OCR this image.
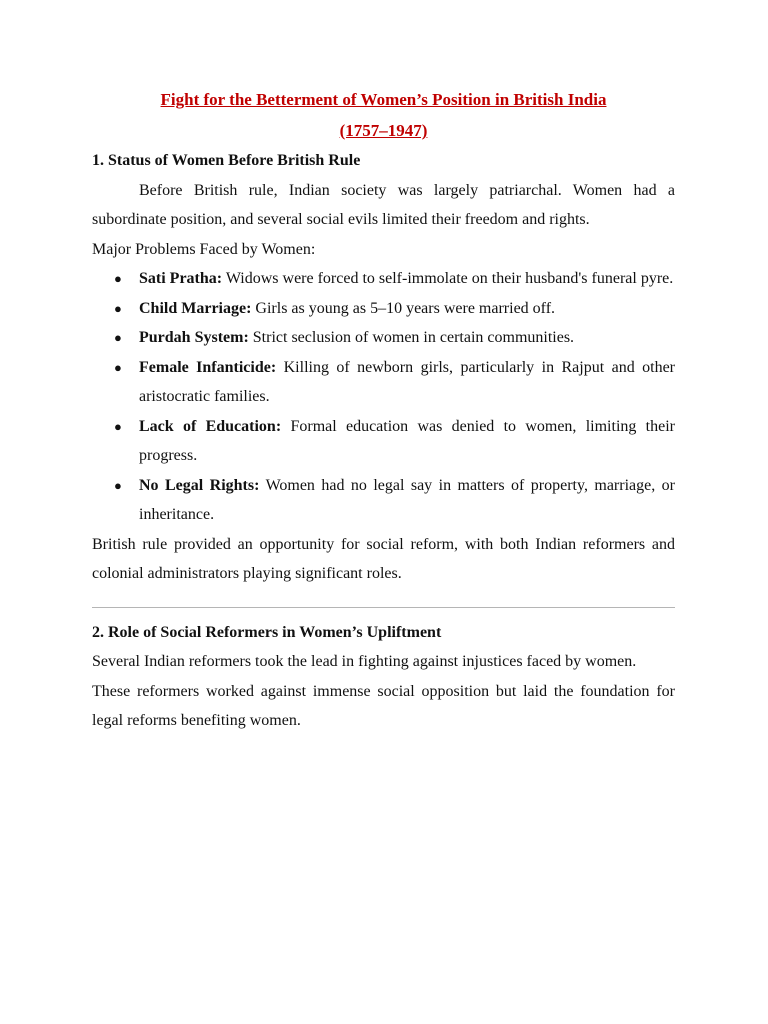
Fight for the Betterment of Women’s Position in British India
(1757–1947)

1. Status of Women Before British Rule

Before British rule, Indian society was largely patriarchal. Women had a subordinate position, and several social evils limited their freedom and rights.

Major Problems Faced by Women:

● Sati Pratha: Widows were forced to self-immolate on their husband's funeral pyre.
● Child Marriage: Girls as young as 5–10 years were married off.
● Purdah System: Strict seclusion of women in certain communities.
● Female Infanticide: Killing of newborn girls, particularly in Rajput and other aristocratic families.
● Lack of Education: Formal education was denied to women, limiting their progress.
● No Legal Rights: Women had no legal say in matters of property, marriage, or inheritance.

British rule provided an opportunity for social reform, with both Indian reformers and colonial administrators playing significant roles.

2. Role of Social Reformers in Women’s Upliftment

Several Indian reformers took the lead in fighting against injustices faced by women.

These reformers worked against immense social opposition but laid the foundation for legal reforms benefiting women.
